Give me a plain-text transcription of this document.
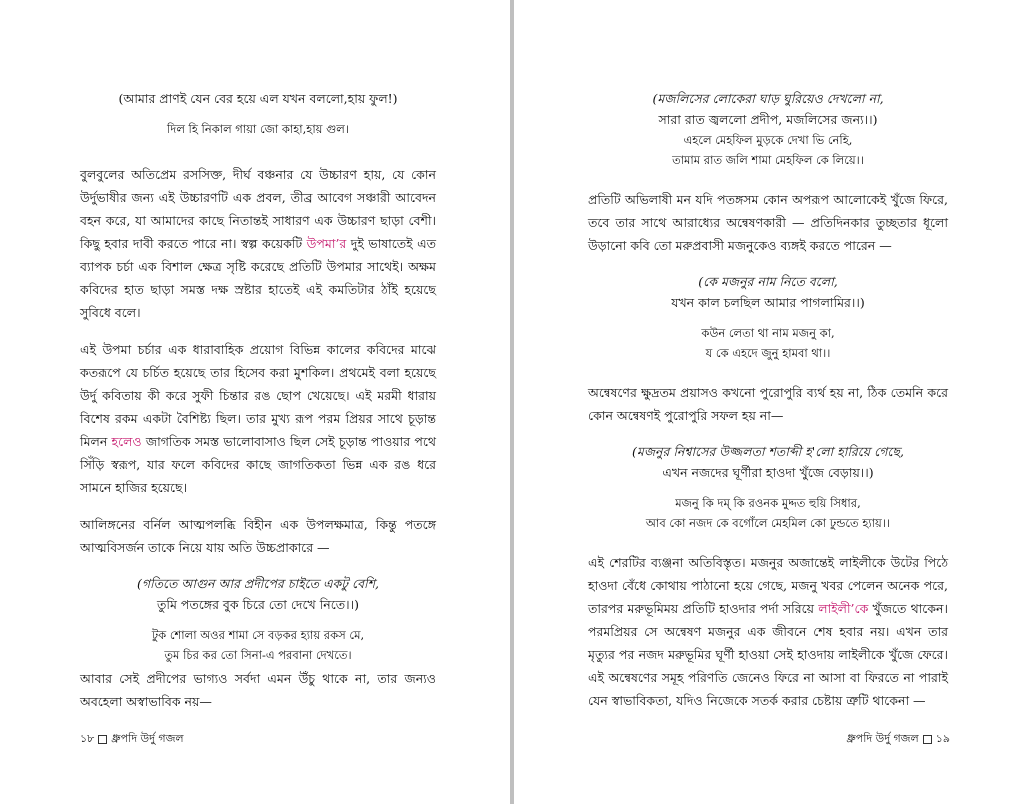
(আমার প্রাণই যেন বের হয়ে এল যখন বললো,হায় ফুল!)

দিল হি নিকাল গায়া জো কাহা,হায় গুল।

বুলবুলের অতিপ্রেম রসসিক্ত, দীর্ঘ বঞ্চনার যে উচ্চারণ হায়, যে কোন উর্দুভাষীর জন্য এই উচ্চারণটি এক প্রবল, তীব্র আবেগ সঞ্চারী আবেদন বহন করে, যা আমাদের কাছে নিতান্তই সাধারণ এক উচ্চারণ ছাড়া বেশী। কিছু হবার দাবী করতে পারে না। স্বল্প কয়েকটি উপমা’র দুই ভাষাতেই এত ব্যাপক চর্চা এক বিশাল ক্ষেত্র সৃষ্টি করেছে প্রতিটি উপমার সাথেই। অক্ষম কবিদের হাত ছাড়া সমস্ত দক্ষ স্রষ্টার হাতেই এই কমতিটার ঠাঁই হয়েছে সুবিধে বলে।

এই উপমা চর্চার এক ধারাবাহিক প্রয়োগ বিভিন্ন কালের কবিদের মাঝে কতরূপে যে চর্চিত হয়েছে তার হিসেব করা মুশকিল। প্রথমেই বলা হয়েছে উর্দু কবিতায় কী করে সুফী চিন্তার রঙ ছোপ খেয়েছে। এই মরমী ধারায় বিশেষ রকম একটা বৈশিষ্ট্য ছিল। তার মুখ্য রূপ পরম প্রিয়র সাথে চূড়ান্ত মিলন হলেও জাগতিক সমস্ত ভালোবাসাও ছিল সেই চূড়ান্ত পাওয়ার পথে সিঁড়ি স্বরূপ, যার ফলে কবিদের কাছে জাগতিকতা ভিন্ন এক রঙ ধরে সামনে হাজির হয়েছে।

আলিঙ্গনের বর্নিল আত্মপলব্ধি বিহীন এক উপলক্ষমাত্র, কিন্তু পতঙ্গে আত্মবিসর্জন তাকে নিয়ে যায় অতি উচ্চপ্রাকারে —

(গতিতে আগুন আর প্রদীপের চাইতে একটু বেশি,

তুমি পতঙ্গের বুক চিরে তো দেখে নিতে।।)

টুক শোলা অওর শামা সে বড়কর হ্যায় রকস মে,

তুম চির কর তো সিনা-এ পরবানা দেখতে।

আবার সেই প্রদীপের ভাগ্যও সর্বদা এমন উঁচু থাকে না, তার জন্যও অবহেলা অস্বাভাবিক নয়—

১৮ ধ্রুপদি উর্দু গজল

(মজলিসের লোকেরা ঘাড় ঘুরিয়েও দেখলো না,

সারা রাত জ্বললো প্রদীপ, মজলিসের জন্য।।)

এহলে মেহফিল মুড়কে দেখা ভি নেহি,

তামাম রাত জলি শামা মেহফিল কে লিয়ে।।

প্রতিটি অভিলাষী মন যদি পতঙ্গসম কোন অপরূপ আলোকেই খুঁজে ফিরে, তবে তার সাথে আরাধ্যের অন্বেষণকারী — প্রতিদিনকার তুচ্ছতার ধূলো উড়ানো কবি তো মরুপ্রবাসী মজনুকেও ব্যঙ্গই করতে পারেন —

(কে মজনুর নাম নিতে বলো,

যখন কাল চলছিল আমার পাগলামির।।)

কউন লেতা থা নাম মজনু কা,

য কে এহদে জুনু হামবা থা।।

অন্বেষণের ক্ষুদ্রতম প্রয়াসও কখনো পুরোপুরি ব্যর্থ হয় না, ঠিক তেমনি করে কোন অন্বেষণই পুরোপুরি সফল হয় না—

(মজনুর নিশ্বাসের উজ্জলতা শতাব্দী হ'লো হারিয়ে গেছে,

এখন নজদের ঘূর্ণীরা হাওদা খুঁজে বেড়ায়।।)

মজনু কি দম্ কি রওনক মুদ্দত হুয়ি সিধার,

আব কো নজদ কে বগোঁলে মেহমিল কো ঢুন্ডতে হ্যায়।।

এই শেরটির ব্যঞ্জনা অতিবিস্তৃত। মজনুর অজান্তেই লাইলীকে উটের পিঠে হাওদা বেঁধে কোথায় পাঠানো হয়ে গেছে, মজনু খবর পেলেন অনেক পরে, তারপর মরুভূমিময় প্রতিটি হাওদার পর্দা সরিয়ে লাইলী’কে খুঁজতে থাকেন। পরমপ্রিয়র সে অন্বেষণ মজনুর এক জীবনে শেষ হবার নয়। এখন তার মৃত্যুর পর নজদ মরুভূমির ঘূর্ণী হাওয়া সেই হাওদায় লাইলীকে খুঁজে ফেরে। এই অন্বেষণের সমূহ পরিণতি জেনেও ফিরে না আসা বা ফিরতে না পারাই যেন স্বাভাবিকতা, যদিও নিজেকে সতর্ক করার চেষ্টায় ত্রুটি থাকেনা —

ধ্রুপদি উর্দু গজল ১৯
